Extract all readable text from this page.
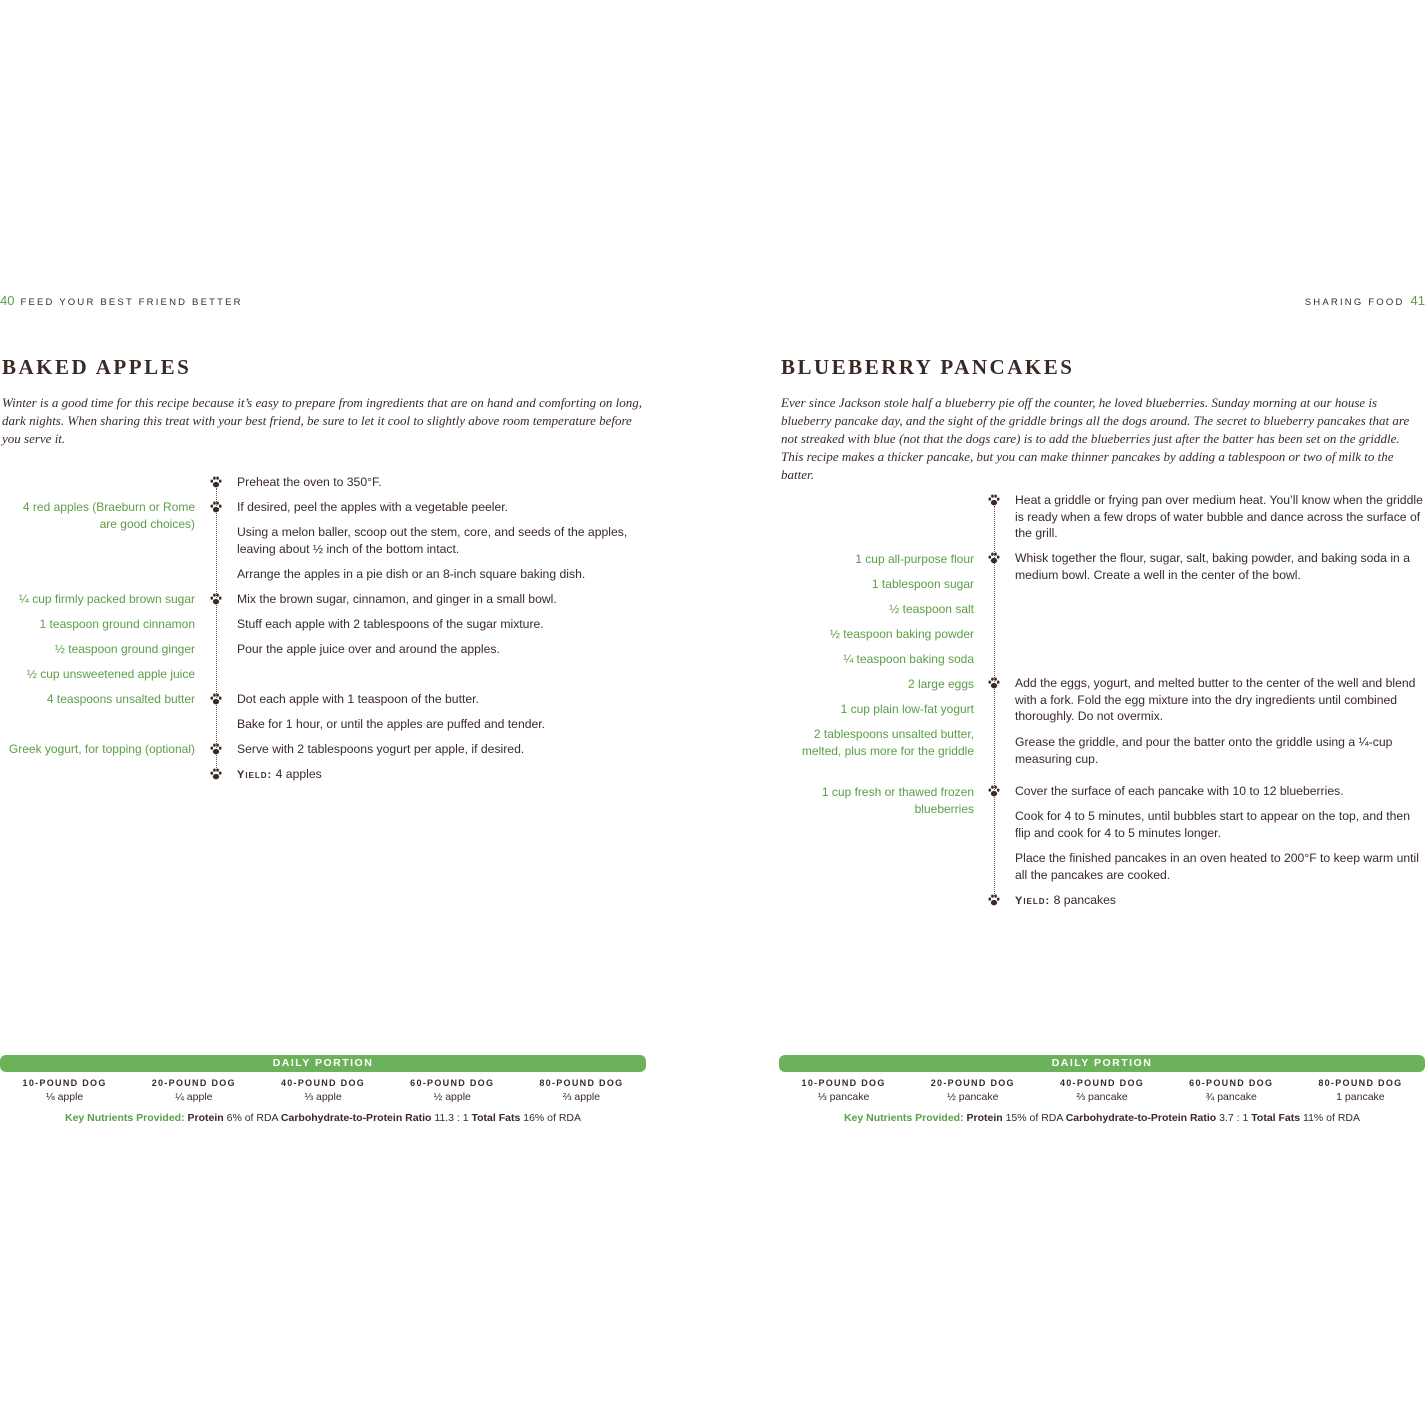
40 FEED YOUR BEST FRIEND BETTER
BAKED APPLES

Winter is a good time for this recipe because it’s easy to prepare from ingredients that are on hand and comforting on long, dark nights. When sharing this treat with your best friend, be sure to let it cool to slightly above room temperature before you serve it.

4 red apples (Braeburn or Rome are good choices)
¼ cup firmly packed brown sugar
1 teaspoon ground cinnamon
½ teaspoon ground ginger
½ cup unsweetened apple juice
4 teaspoons unsalted butter
Greek yogurt, for topping (optional)
Preheat the oven to 350°F.
If desired, peel the apples with a vegetable peeler.
Using a melon baller, scoop out the stem, core, and seeds of the apples, leaving about ½ inch of the bottom intact.
Arrange the apples in a pie dish or an 8-inch square baking dish.
Mix the brown sugar, cinnamon, and ginger in a small bowl.
Stuff each apple with 2 tablespoons of the sugar mixture.
Pour the apple juice over and around the apples.
Dot each apple with 1 teaspoon of the butter.
Bake for 1 hour, or until the apples are puffed and tender.
Serve with 2 tablespoons yogurt per apple, if desired.
Yield: 4 apples
DAILY PORTION
10-POUND DOG
⅛ apple
20-POUND DOG
¼ apple
40-POUND DOG
⅓ apple
60-POUND DOG
½ apple
80-POUND DOG
⅔ apple
Key Nutrients Provided: Protein 6% of RDA Carbohydrate-to-Protein Ratio 11.3 : 1 Total Fats 16% of RDA
SHARING FOOD 41
BLUEBERRY PANCAKES

Ever since Jackson stole half a blueberry pie off the counter, he loved blueberries. Sunday morning at our house is blueberry pancake day, and the sight of the griddle brings all the dogs around. The secret to blueberry pancakes that are not streaked with blue (not that the dogs care) is to add the blueberries just after the batter has been set on the griddle. This recipe makes a thicker pancake, but you can make thinner pancakes by adding a tablespoon or two of milk to the batter.

1 cup all-purpose flour
1 tablespoon sugar
½ teaspoon salt
½ teaspoon baking powder
¼ teaspoon baking soda
2 large eggs
1 cup plain low-fat yogurt
2 tablespoons unsalted butter, melted, plus more for the griddle
1 cup fresh or thawed frozen blueberries
Heat a griddle or frying pan over medium heat. You’ll know when the griddle is ready when a few drops of water bubble and dance across the surface of the grill.
Whisk together the flour, sugar, salt, baking powder, and baking soda in a medium bowl. Create a well in the center of the bowl.
Add the eggs, yogurt, and melted butter to the center of the well and blend with a fork. Fold the egg mixture into the dry ingredients until combined thoroughly. Do not overmix.
Grease the griddle, and pour the batter onto the griddle using a ¼-cup measuring cup.
Cover the surface of each pancake with 10 to 12 blueberries.
Cook for 4 to 5 minutes, until bubbles start to appear on the top, and then flip and cook for 4 to 5 minutes longer.
Place the finished pancakes in an oven heated to 200°F to keep warm until all the pancakes are cooked.
Yield: 8 pancakes
DAILY PORTION
10-POUND DOG
⅓ pancake
20-POUND DOG
½ pancake
40-POUND DOG
⅔ pancake
60-POUND DOG
¾ pancake
80-POUND DOG
1 pancake
Key Nutrients Provided: Protein 15% of RDA Carbohydrate-to-Protein Ratio 3.7 : 1 Total Fats 11% of RDA
